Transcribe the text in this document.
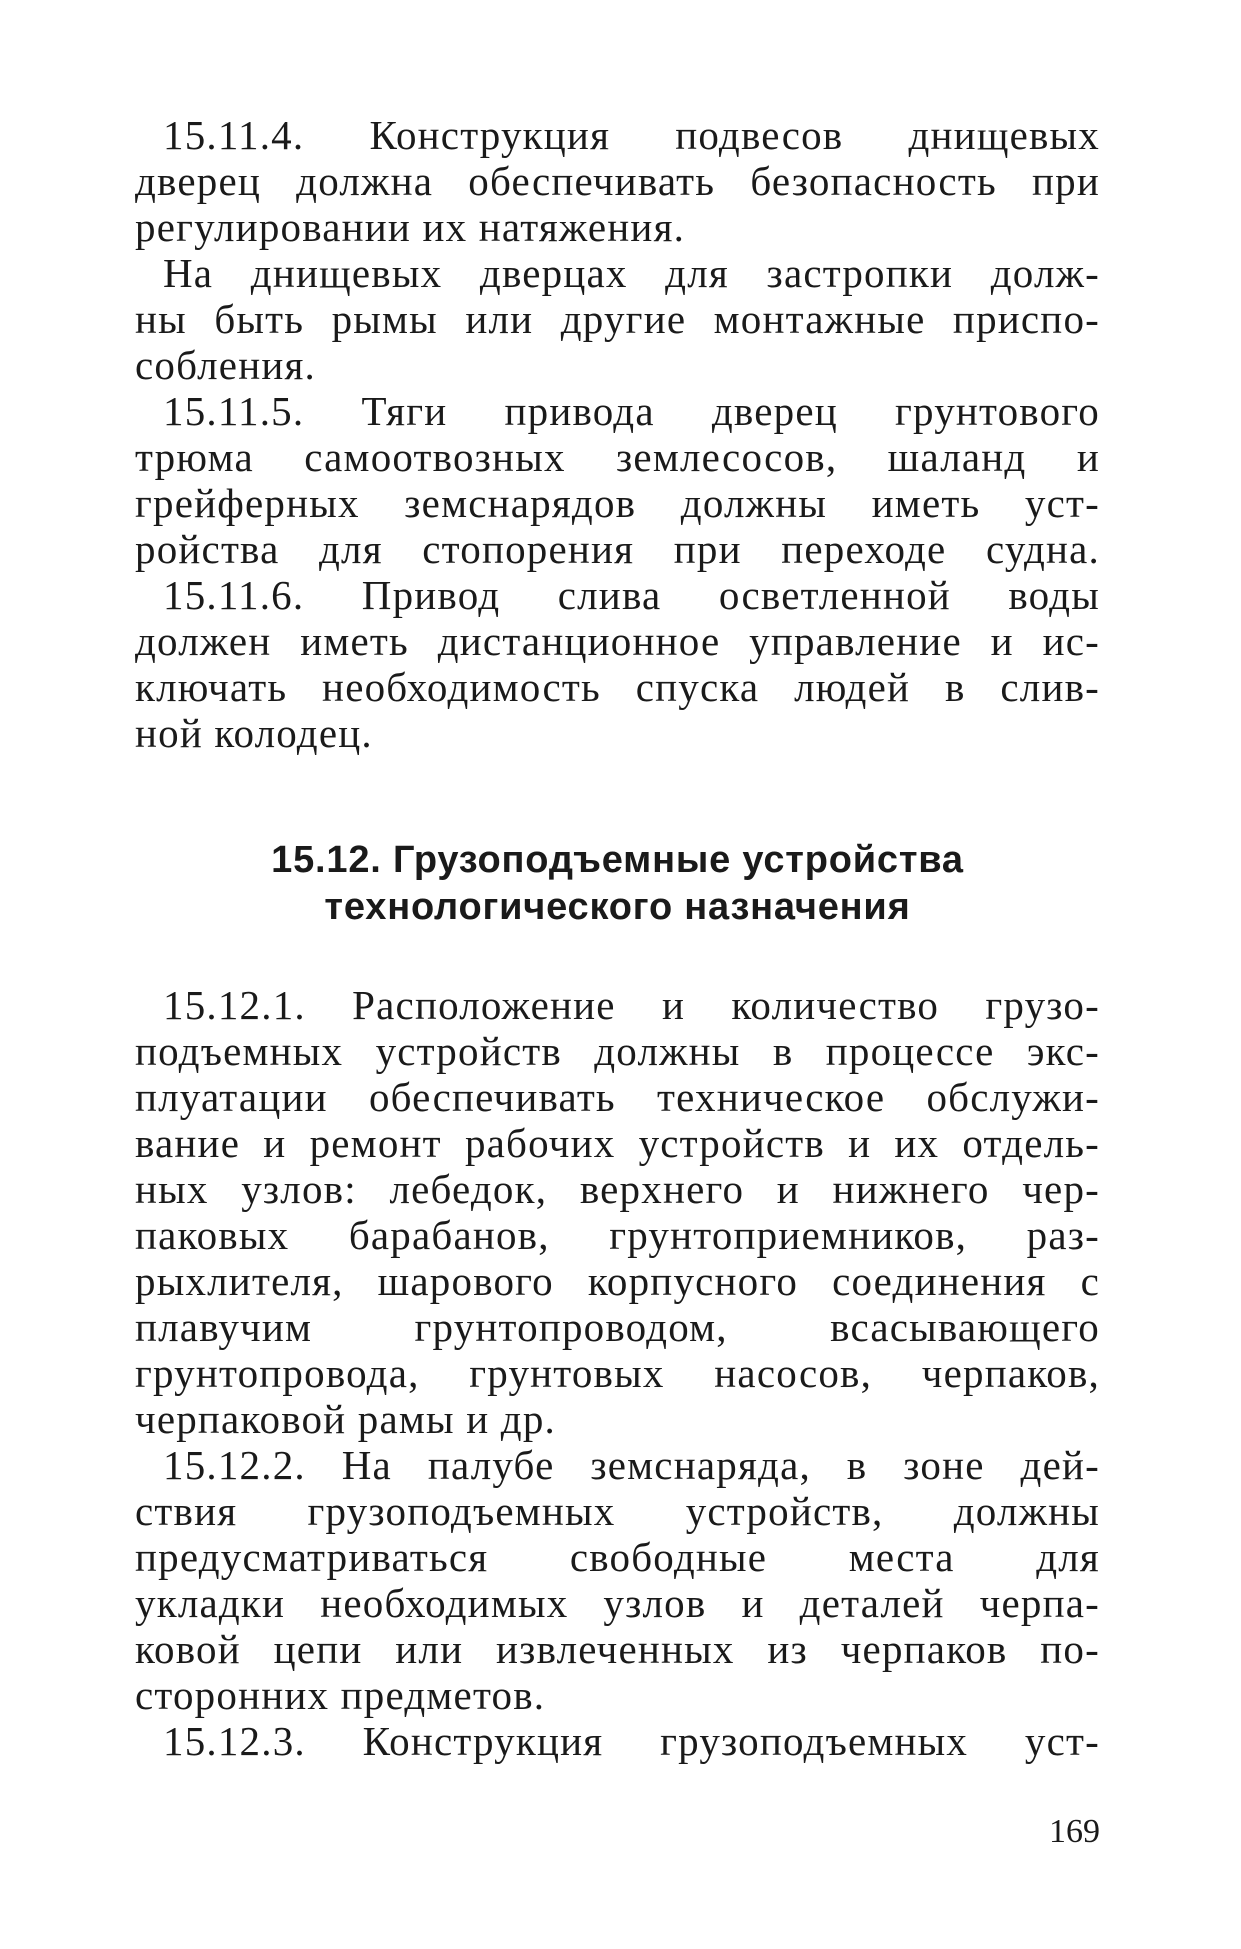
15.11.4. Конструкция подвесов днищевых
дверец должна обеспечивать безопасность при
регулировании их натяжения.
На днищевых дверцах для застропки долж-
ны быть рымы или другие монтажные приспо-
собления.
15.11.5. Тяги привода дверец грунтового
трюма самоотвозных землесосов, шаланд и
грейферных земснарядов должны иметь уст-
ройства для стопорения при переходе судна.
15.11.6. Привод слива осветленной воды
должен иметь дистанционное управление и ис-
ключать необходимость спуска людей в слив-
ной колодец.
15.12. Грузоподъемные устройства
технологического назначения
15.12.1. Расположение и количество грузо-
подъемных устройств должны в процессе экс-
плуатации обеспечивать техническое обслужи-
вание и ремонт рабочих устройств и их отдель-
ных узлов: лебедок, верхнего и нижнего чер-
паковых барабанов, грунтоприемников, раз-
рыхлителя, шарового корпусного соединения с
плавучим грунтопроводом, всасывающего
грунтопровода, грунтовых насосов, черпаков,
черпаковой рамы и др.
15.12.2. На палубе земснаряда, в зоне дей-
ствия грузоподъемных устройств, должны
предусматриваться свободные места для
укладки необходимых узлов и деталей черпа-
ковой цепи или извлеченных из черпаков по-
сторонних предметов.
15.12.3. Конструкция грузоподъемных уст-
169
